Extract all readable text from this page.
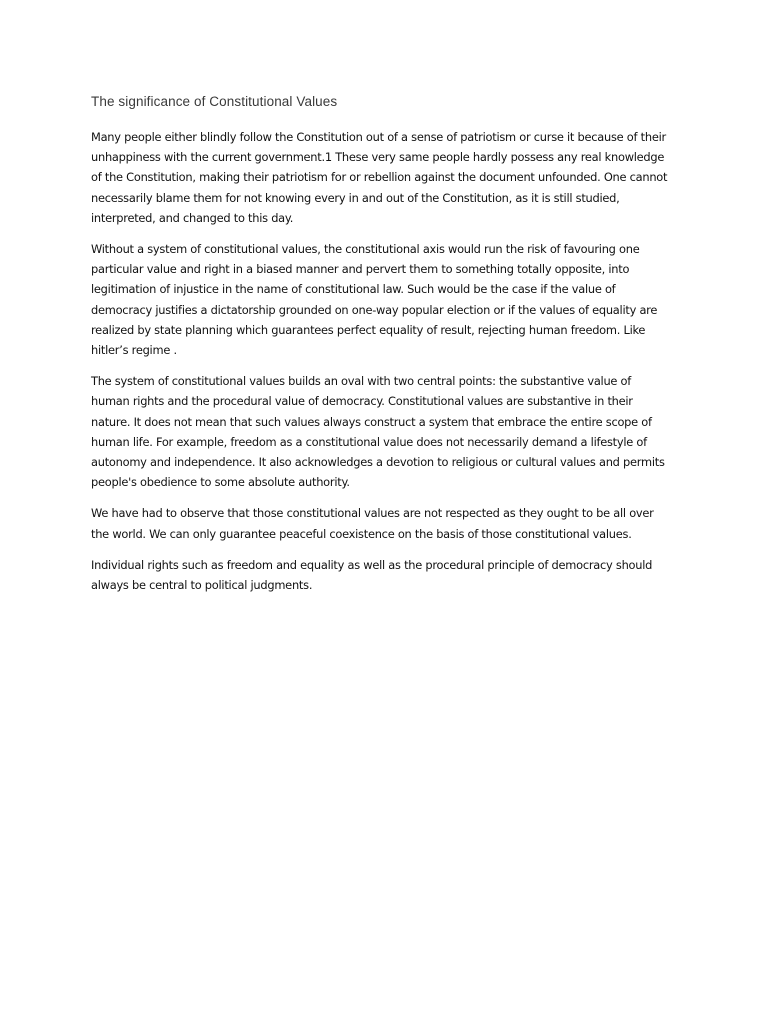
The significance of Constitutional Values

Many people either blindly follow the Constitution out of a sense of patriotism or curse it because of their unhappiness with the current government.1 These very same people hardly possess any real knowledge of the Constitution, making their patriotism for or rebellion against the document unfounded. One cannot necessarily blame them for not knowing every in and out of the Constitution, as it is still studied, interpreted, and changed to this day.

Without a system of constitutional values, the constitutional axis would run the risk of favouring one particular value and right in a biased manner and pervert them to something totally opposite, into legitimation of injustice in the name of constitutional law. Such would be the case if the value of democracy justifies a dictatorship grounded on one-way popular election or if the values of equality are realized by state planning which guarantees perfect equality of result, rejecting human freedom. Like hitler’s regime .

The system of constitutional values builds an oval with two central points: the substantive value of human rights and the procedural value of democracy. Constitutional values are substantive in their nature. It does not mean that such values always construct a system that embrace the entire scope of human life. For example, freedom as a constitutional value does not necessarily demand a lifestyle of autonomy and independence. It also acknowledges a devotion to religious or cultural values and permits people's obedience to some absolute authority.

We have had to observe that those constitutional values are not respected as they ought to be all over the world. We can only guarantee peaceful coexistence on the basis of those constitutional values.

Individual rights such as freedom and equality as well as the procedural principle of democracy should always be central to political judgments.
